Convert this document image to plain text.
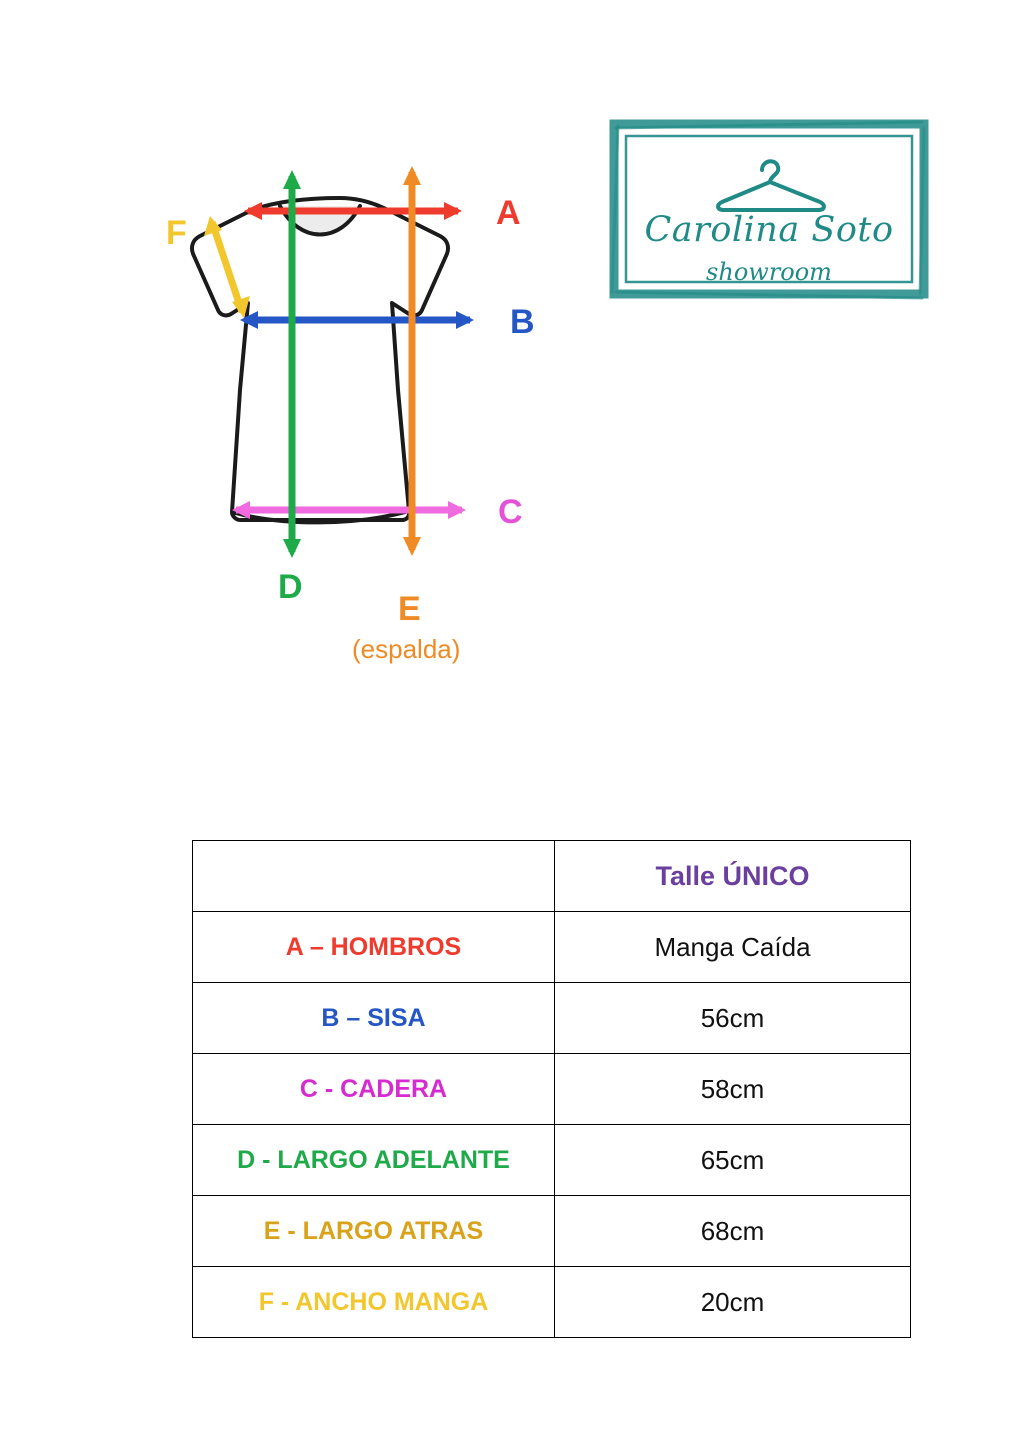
A
B
C
D
E
(espalda)
F	Carolina Soto
showroom
	Talle ÚNICO
A – HOMBROS	Manga Caída
B – SISA	56cm
C - CADERA	58cm
D - LARGO ADELANTE	65cm
E - LARGO ATRAS	68cm
F - ANCHO MANGA	20cm
